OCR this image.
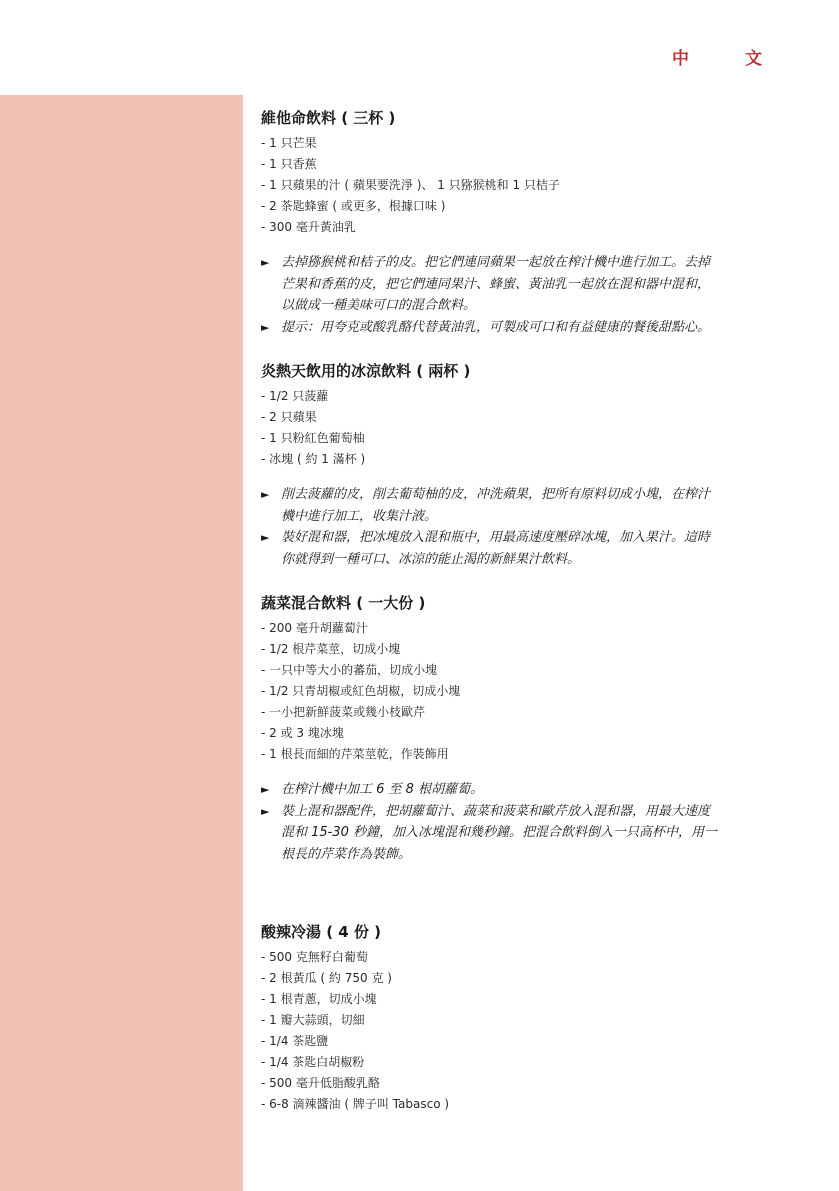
中	文
維他命飲料 ( 三杯 )

- 1 只芒果

- 1 只香蕉

- 1 只蘋果的汁 ( 蘋果要洗淨 )、 1 只猕猴桃和 1 只桔子

- 2 茶匙蜂蜜 ( 或更多，根據口味 )

- 300 毫升黃油乳

► 去掉猕猴桃和桔子的皮。把它們連同蘋果一起放在榨汁機中進行加工。去掉芒果和香蕉的皮，把它們連同果汁、蜂蜜、黃油乳一起放在混和器中混和，以做成一種美味可口的混合飲料。

► 提示：用夸克或酸乳酪代替黃油乳，可製成可口和有益健康的餐後甜點心。

炎熱天飲用的冰涼飲料 ( 兩杯 )

- 1/2 只菠蘿

- 2 只蘋果

- 1 只粉紅色葡萄柚

- 冰塊 ( 約 1 滿杯 )

► 削去菠蘿的皮，削去葡萄柚的皮，冲洗蘋果，把所有原料切成小塊，在榨汁機中進行加工，收集汁液。

► 裝好混和器，把冰塊放入混和瓶中，用最高速度壓碎冰塊，加入果汁。這時你就得到一種可口、冰涼的能止渴的新鮮果汁飲料。

蔬菜混合飲料 ( 一大份 )

- 200 毫升胡蘿蔔汁

- 1/2 根芹菜莖，切成小塊

- 一只中等大小的蕃茄，切成小塊

- 1/2 只青胡椒或紅色胡椒，切成小塊

- 一小把新鮮菠菜或幾小枝歐芹

- 2 或 3 塊冰塊

- 1 根長而細的芹菜莖乾，作裝飾用

► 在榨汁機中加工 6 至 8 根胡蘿蔔。

► 裝上混和器配件，把胡蘿蔔汁、蔬菜和菠菜和歐芹放入混和器，用最大速度混和 15-30 秒鐘，加入冰塊混和幾秒鐘。把混合飲料倒入一只高杯中，用一根長的芹菜作為裝飾。

酸辣冷湯 ( 4 份 )

- 500 克無籽白葡萄

- 2 根黃瓜 ( 約 750 克 )

- 1 根青蔥，切成小塊

- 1 瓣大蒜頭，切細

- 1/4 茶匙鹽

- 1/4 茶匙白胡椒粉

- 500 毫升低脂酸乳酪

- 6-8 滴辣醬油 ( 牌子叫 Tabasco )
